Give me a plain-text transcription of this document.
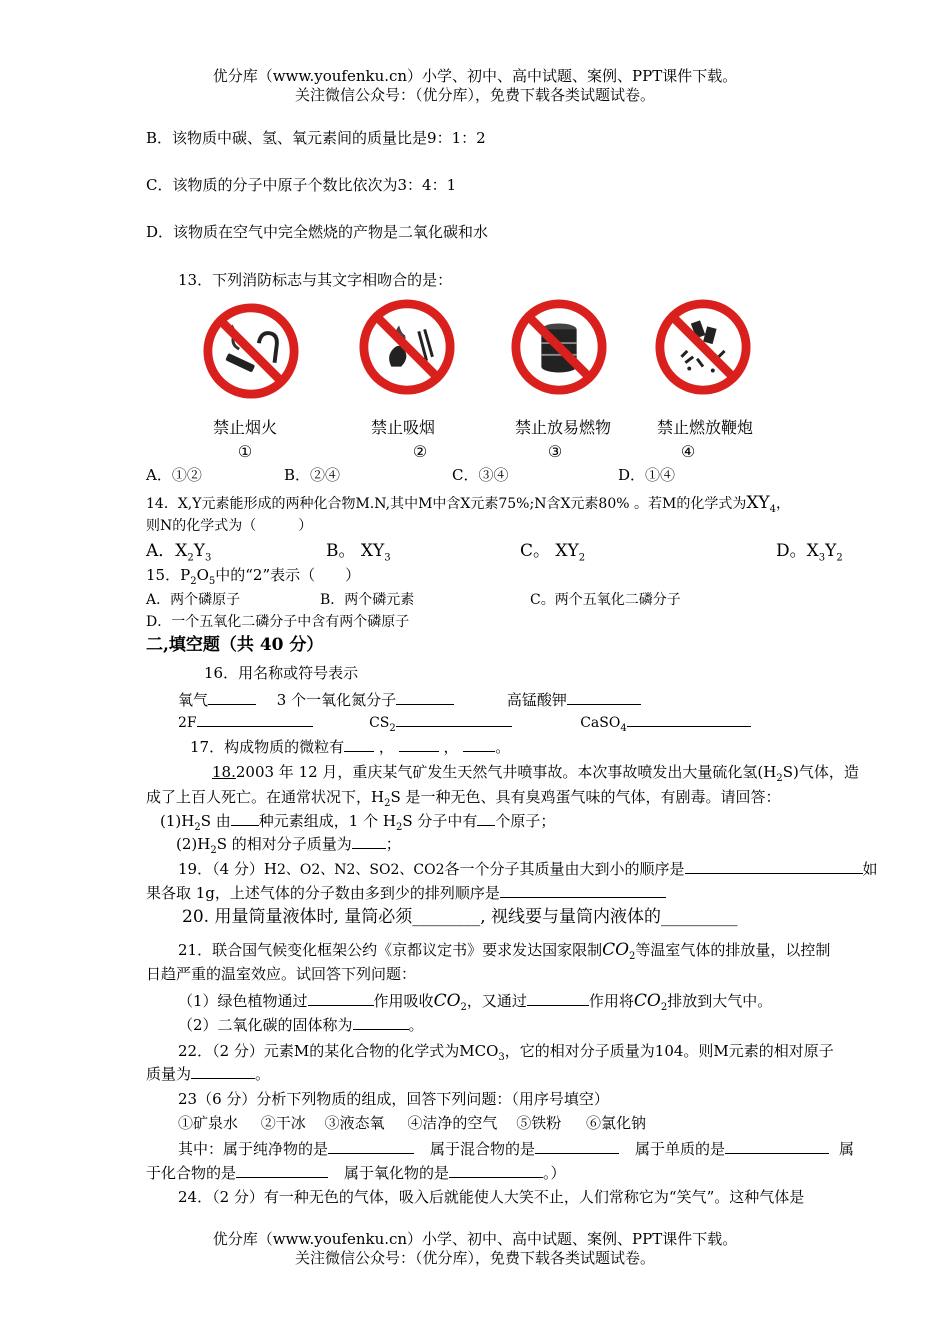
优分库（www.youfenku.cn）小学、初中、高中试题、案例、PPT课件下载。
关注微信公众号：（优分库），免费下载各类试题试卷。
B．该物质中碳、氢、氧元素间的质量比是9：1：2
C．该物质的分子中原子个数比依次为3：4：1
D．该物质在空气中完全燃烧的产物是二氧化碳和水
13．下列消防标志与其文字相吻合的是：
禁止烟火	禁止吸烟	禁止放易燃物	禁止燃放鞭炮
①	②	③	④
A．①②	B．②④	C．③④	D．①④
14．X,Y元素能形成的两种化合物M.N,其中M中含X元素75%;N含X元素80% 。若M的化学式为$XY_4$，
则N的化学式为（　　　）
A．$X_2Y_3$	B。 $XY_3$	C。 $XY_2$	D。$X_3Y_2$
15．$P_2O_5$中的“2”表示（　　）
A．两个磷原子	B．两个磷元素	C。两个五氧化二磷分子
D．一个五氧化二磷分子中含有两个磷原子
二,填空题（共 40 分）
16．用名称或符号表示
氧气	3 个一氧化氮分子	高锰酸钾
2F	$CS_2$	CaSO$_4$
17．构成物质的微粒有 ，	， 。
18.2003 年 12 月，重庆某气矿发生天然气井喷事故。本次事故喷发出大量硫化氢$(H_2S)$气体，造
成了上百人死亡。在通常状况下，$H_2S$ 是一种无色、具有臭鸡蛋气味的气体，有剧毒。请回答：
$(1)H_2S$ 由 种元素组成，1 个 $H_2S$ 分子中有 个原子；
$(2)H_2S$ 的相对分子质量为 ；
19．（4 分）H2、O2、N2、SO2、CO2各一个分子其质量由大到小的顺序是	如
果各取 1g，上述气体的分子数由多到少的排列顺序是
20. 用量筒量液体时, 量筒必须________, 视线要与量筒内液体的_________
21．联合国气候变化框架公约《京都议定书》要求发达国家限制$CO_2$等温室气体的排放量，以控制
日趋严重的温室效应。试回答下列问题：
（1）绿色植物通过	作用吸收$CO_2$，又通过	作用将$CO_2$排放到大气中。
（2）二氧化碳的固体称为	。
22．（2 分）元素M的某化合物的化学式为$MCO_3$，它的相对分子质量为104。则M元素的相对原子
质量为	。
23（6 分）分析下列物质的组成，回答下列问题：（用序号填空）
①矿泉水 ②干冰 ③液态氧 ④洁净的空气 ⑤铁粉 ⑥氯化钠
其中：属于纯净物的是	属于混合物的是	属于单质的是	属
于化合物的是	属于氧化物的是	。）
24．（2 分）有一种无色的气体，吸入后就能使人大笑不止，人们常称它为“笑气”。这种气体是
优分库（www.youfenku.cn）小学、初中、高中试题、案例、PPT课件下载。
关注微信公众号：（优分库），免费下载各类试题试卷。
